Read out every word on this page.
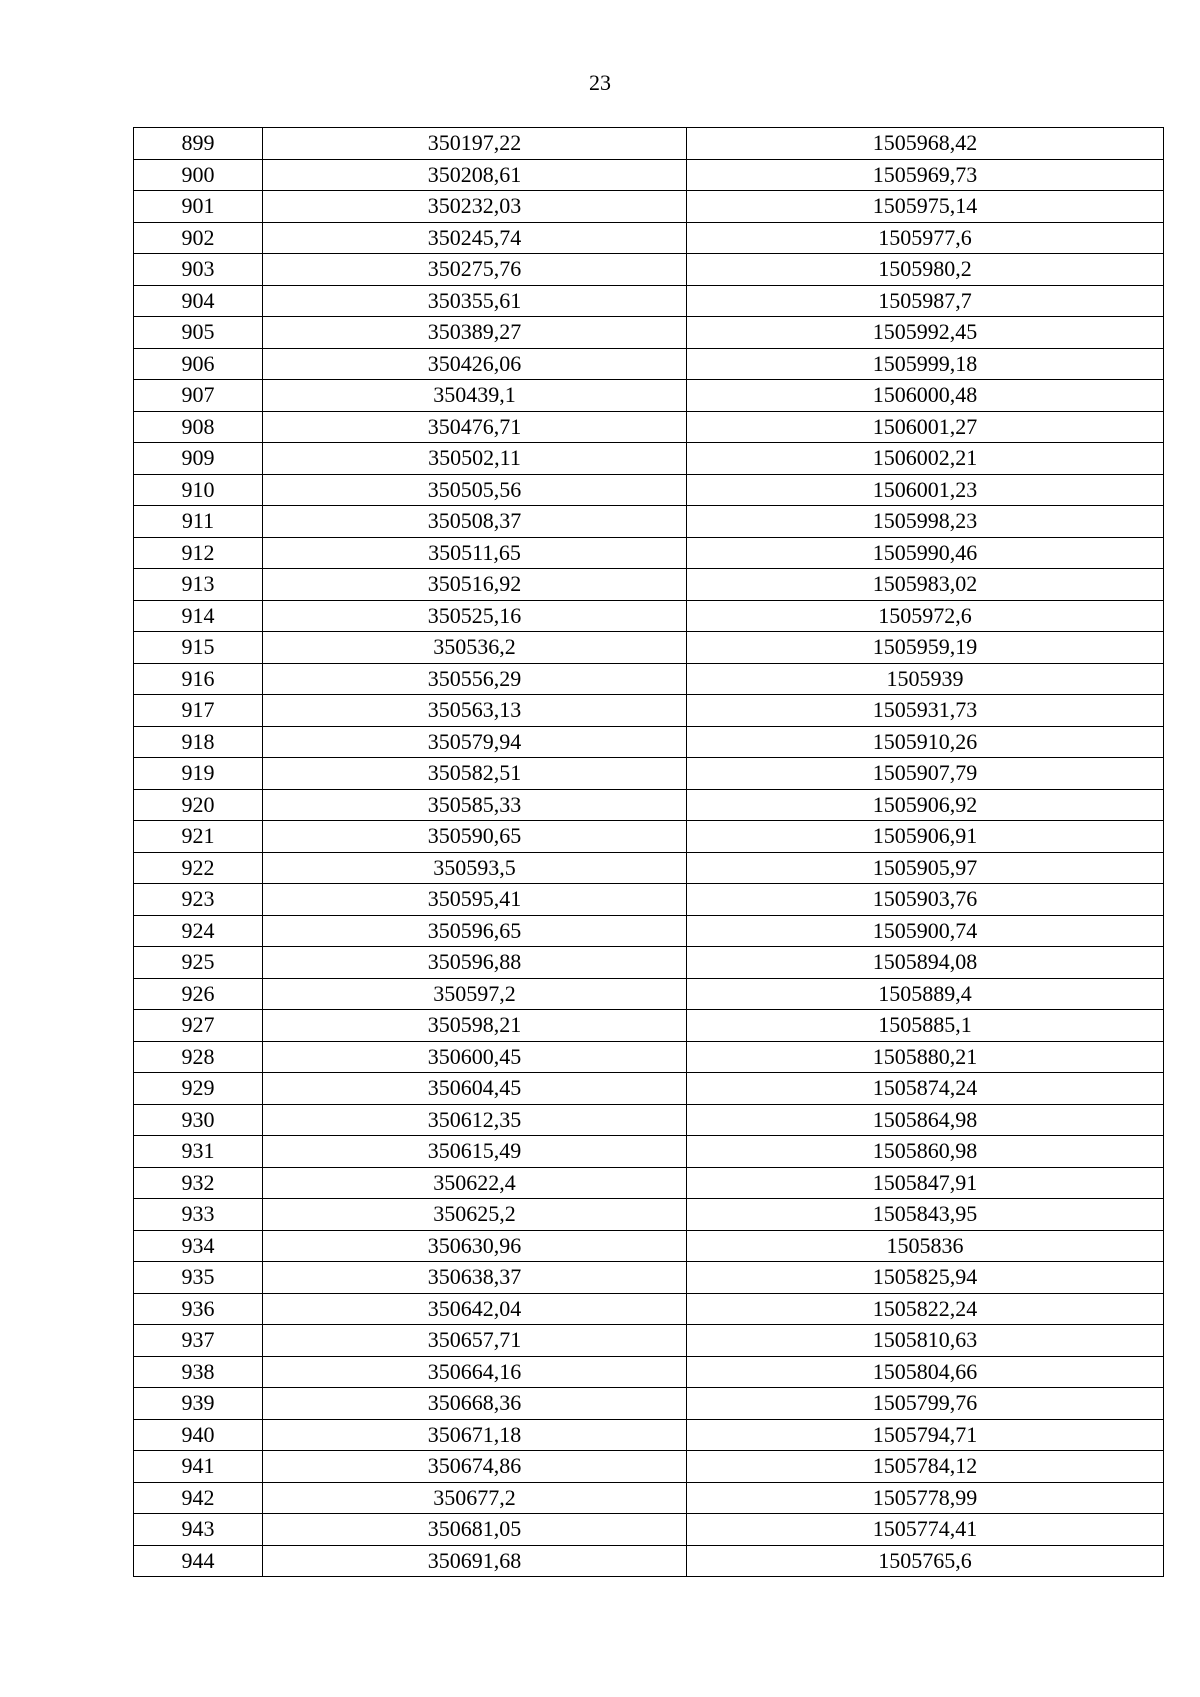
23
899	350197,22	1505968,42
900	350208,61	1505969,73
901	350232,03	1505975,14
902	350245,74	1505977,6
903	350275,76	1505980,2
904	350355,61	1505987,7
905	350389,27	1505992,45
906	350426,06	1505999,18
907	350439,1	1506000,48
908	350476,71	1506001,27
909	350502,11	1506002,21
910	350505,56	1506001,23
911	350508,37	1505998,23
912	350511,65	1505990,46
913	350516,92	1505983,02
914	350525,16	1505972,6
915	350536,2	1505959,19
916	350556,29	1505939
917	350563,13	1505931,73
918	350579,94	1505910,26
919	350582,51	1505907,79
920	350585,33	1505906,92
921	350590,65	1505906,91
922	350593,5	1505905,97
923	350595,41	1505903,76
924	350596,65	1505900,74
925	350596,88	1505894,08
926	350597,2	1505889,4
927	350598,21	1505885,1
928	350600,45	1505880,21
929	350604,45	1505874,24
930	350612,35	1505864,98
931	350615,49	1505860,98
932	350622,4	1505847,91
933	350625,2	1505843,95
934	350630,96	1505836
935	350638,37	1505825,94
936	350642,04	1505822,24
937	350657,71	1505810,63
938	350664,16	1505804,66
939	350668,36	1505799,76
940	350671,18	1505794,71
941	350674,86	1505784,12
942	350677,2	1505778,99
943	350681,05	1505774,41
944	350691,68	1505765,6
